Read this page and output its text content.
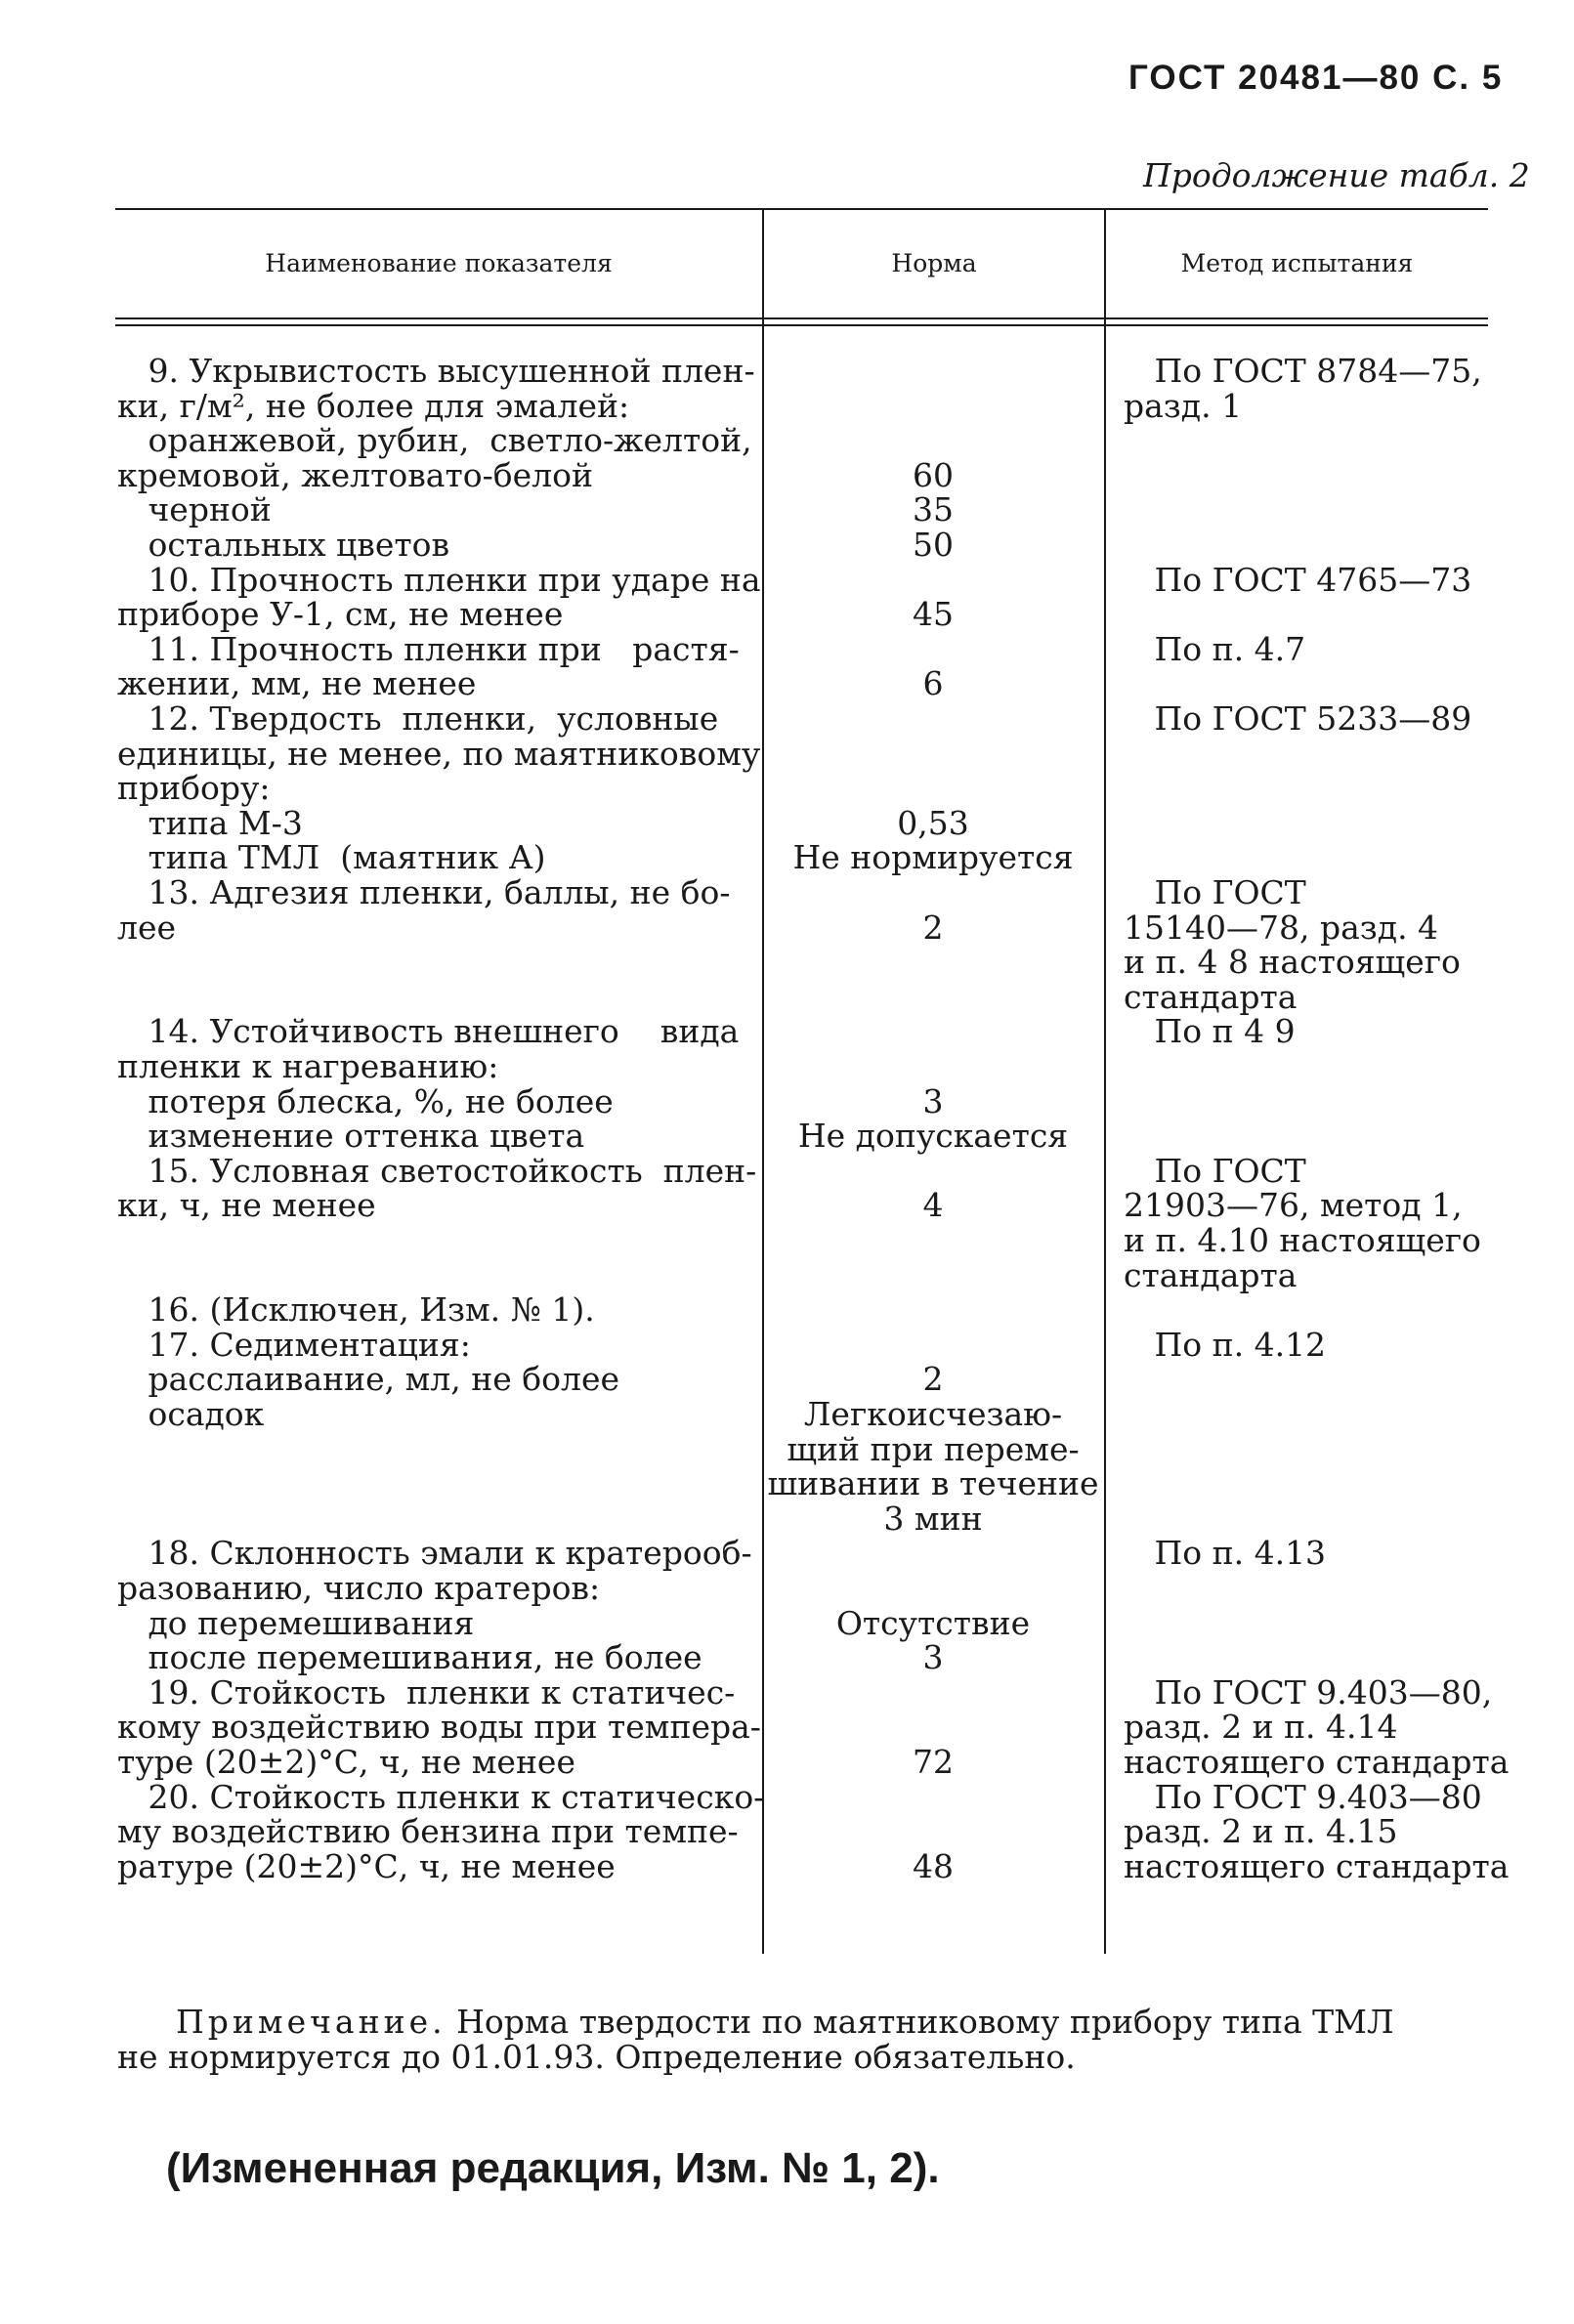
ГОСТ 20481—80 С. 5
Продолжение табл. 2
Наименование показателя	Норма	Метод испытания
9. Укрывистость высушенной плен-
ки, г/м², не более для эмалей:
оранжевой, рубин,  светло-желтой,
кремовой, желтовато-белой
черной
остальных цветов
10. Прочность пленки при ударе на
приборе У-1, см, не менее
11. Прочность пленки при   растя-
жении, мм, не менее
12. Твердость  пленки,  условные
единицы, не менее, по маятниковому
прибору:
типа М-3
типа ТМЛ  (маятник А)
13. Адгезия пленки, баллы, не бо-
лее
14. Устойчивость внешнего    вида
пленки к нагреванию:
потеря блеска, %, не более
изменение оттенка цвета
15. Условная светостойкость  плен-
ки, ч, не менее
16. (Исключен, Изм. № 1).
17. Седиментация:
расслаивание, мл, не более
осадок
18. Склонность эмали к кратерооб-
разованию, число кратеров:
до перемешивания
после перемешивания, не более
19. Стойкость  пленки к статичес-
кому воздействию воды при темпера-
туре (20±2)°С, ч, не менее
20. Стойкость пленки к статическо-
му воздействию бензина при темпе-
ратуре (20±2)°С, ч, не менее
60
35
50
45
6
0,53
Не нормируется
2
3
Не допускается
4
2
Легкоисчезаю-
щий при переме-
шивании в течение
3 мин
Отсутствие
3
72
48
По ГОСТ 8784—75,
разд. 1
По ГОСТ 4765—73
По п. 4.7
По ГОСТ 5233—89
По ГОСТ
15140—78, разд. 4
и п. 4 8 настоящего
стандарта
По п 4 9
По ГОСТ
21903—76, метод 1,
и п. 4.10 настоящего
стандарта
По п. 4.12
По п. 4.13
По ГОСТ 9.403—80,
разд. 2 и п. 4.14
настоящего стандарта
По ГОСТ 9.403—80
разд. 2 и п. 4.15
настоящего стандарта
Примечание. Норма твердости по маятниковому прибору типа ТМЛ
не нормируется до 01.01.93. Определение обязательно.
(Измененная редакция, Изм. № 1, 2).
